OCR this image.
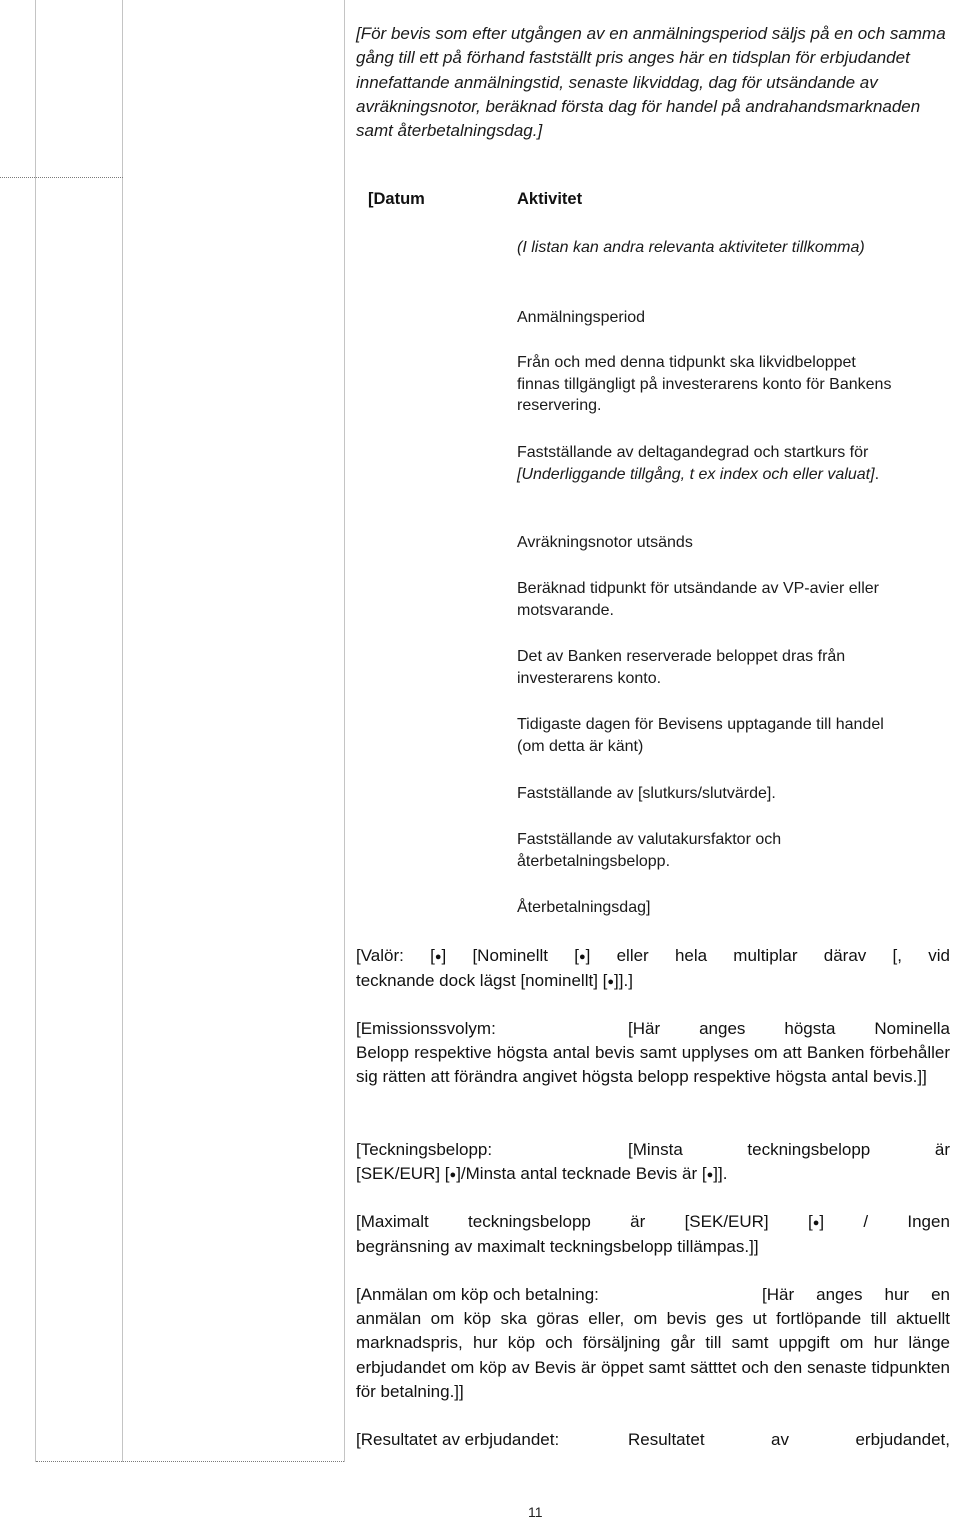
[För bevis som efter utgången av en anmälningsperiod säljs på en och samma gång till ett på förhand fastställt pris anges här en tidsplan för erbjudandet innefattande anmälningstid, senaste likviddag, dag för utsändande av avräkningsnotor, beräknad första dag för handel på andrahandsmarknaden samt återbetalningsdag.]
[Datum	Aktivitet
(I listan kan andra relevanta aktiviteter tillkomma)
Anmälningsperiod
Från och med denna tidpunkt ska likvidbeloppet finnas tillgängligt på investerarens konto för Bankens reservering.
Fastställande av deltagandegrad och startkurs för [Underliggande tillgång, t ex index och eller valuat].
Avräkningsnotor utsänds
Beräknad tidpunkt för utsändande av VP-avier eller motsvarande.
Det av Banken reserverade beloppet dras från investerarens konto.
Tidigaste dagen för Bevisens upptagande till handel (om detta är känt)
Fastställande av [slutkurs/slutvärde].
Fastställande av valutakursfaktor och återbetalningsbelopp.
Återbetalningsdag]
[Valör: [●] [Nominellt [●] eller hela multiplar därav [, vid
tecknande dock lägst [nominellt] [●]].]
[Emissionssvolym:	[Här anges högsta Nominella
Belopp respektive högsta antal bevis samt upplyses om att Banken förbehåller sig rätten att förändra angivet högsta belopp respektive högsta antal bevis.]]
[Teckningsbelopp:	[Minsta	teckningsbelopp	är
[SEK/EUR] [●]/Minsta antal tecknade Bevis är [●]].
[Maximalt teckningsbelopp är [SEK/EUR] [●] / Ingen
begränsning av maximalt teckningsbelopp tillämpas.]]
[Anmälan om köp och betalning:	[Här anges hur en
anmälan om köp ska göras eller, om bevis ges ut fortlöpande till aktuellt marknadspris, hur köp och försäljning går till samt uppgift om hur länge erbjudandet om köp av Bevis är öppet samt sätttet och den senaste tidpunkten för betalning.]]
[Resultatet av erbjudandet:	Resultatet	av	erbjudandet,
11
